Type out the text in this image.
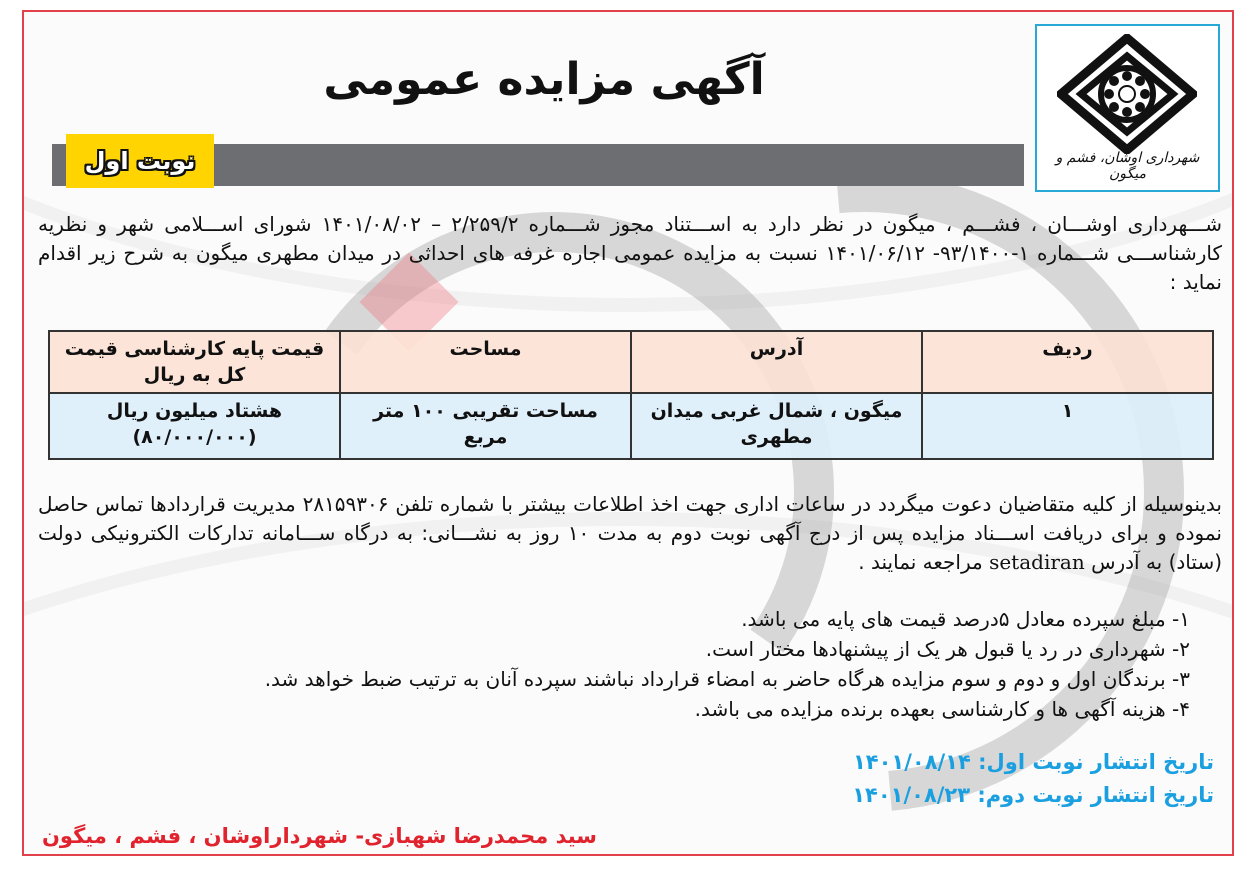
آگهی مزایده عمومی
شهرداری اوشان، فشم و میگون
نوبت اول
شـــهرداری اوشـــان ، فشـــم ، میگون در نظر دارد به اســـتناد مجوز شـــماره ۲/۲۵۹/۲ – ۱۴۰۱/۰۸/۰۲ شورای اســـلامی شهر و نظریه کارشناســـی شـــماره ۱-۹۳/۱۴۰۰- ۱۴۰۱/۰۶/۱۲ نسبت به مزایده عمومی اجاره غرفه های احداثی در میدان مطهری میگون به شرح زیر اقدام نماید :
ردیف	آدرس	مساحت	قیمت پایه کارشناسی قیمت کل به ریال
۱	میگون ، شمال غربی میدان مطهری	مساحت تقریبی ۱۰۰ متر مربع	هشتاد میلیون ریال (۸۰/۰۰۰/۰۰۰)
بدینوسیله از کلیه متقاضیان دعوت میگردد در ساعات اداری جهت اخذ اطلاعات بیشتر با شماره تلفن ۲۸۱۵۹۳۰۶ مدیریت قراردادها تماس حاصل نموده و برای دریافت اســـناد مزایده پس از درج آگهی نوبت دوم به مدت ۱۰ روز به نشـــانی: به درگاه ســـامانه تدارکات الکترونیکی دولت (ستاد) به آدرس setadiran مراجعه نمایند .
۱- مبلغ سپرده معادل ۵درصد قیمت های پایه می باشد.
۲- شهرداری در رد یا قبول هر یک از پیشنهادها مختار است.
۳- برندگان اول و دوم و سوم مزایده هرگاه حاضر به امضاء قرارداد نباشند سپرده آنان به ترتیب ضبط خواهد شد.
۴- هزینه آگهی ها و کارشناسی بعهده برنده مزایده می باشد.
تاریخ انتشار نوبت اول: ۱۴۰۱/۰۸/۱۴
تاریخ انتشار نوبت دوم: ۱۴۰۱/۰۸/۲۳
سید محمدرضا شهبازی- شهرداراوشان ، فشم ، میگون
